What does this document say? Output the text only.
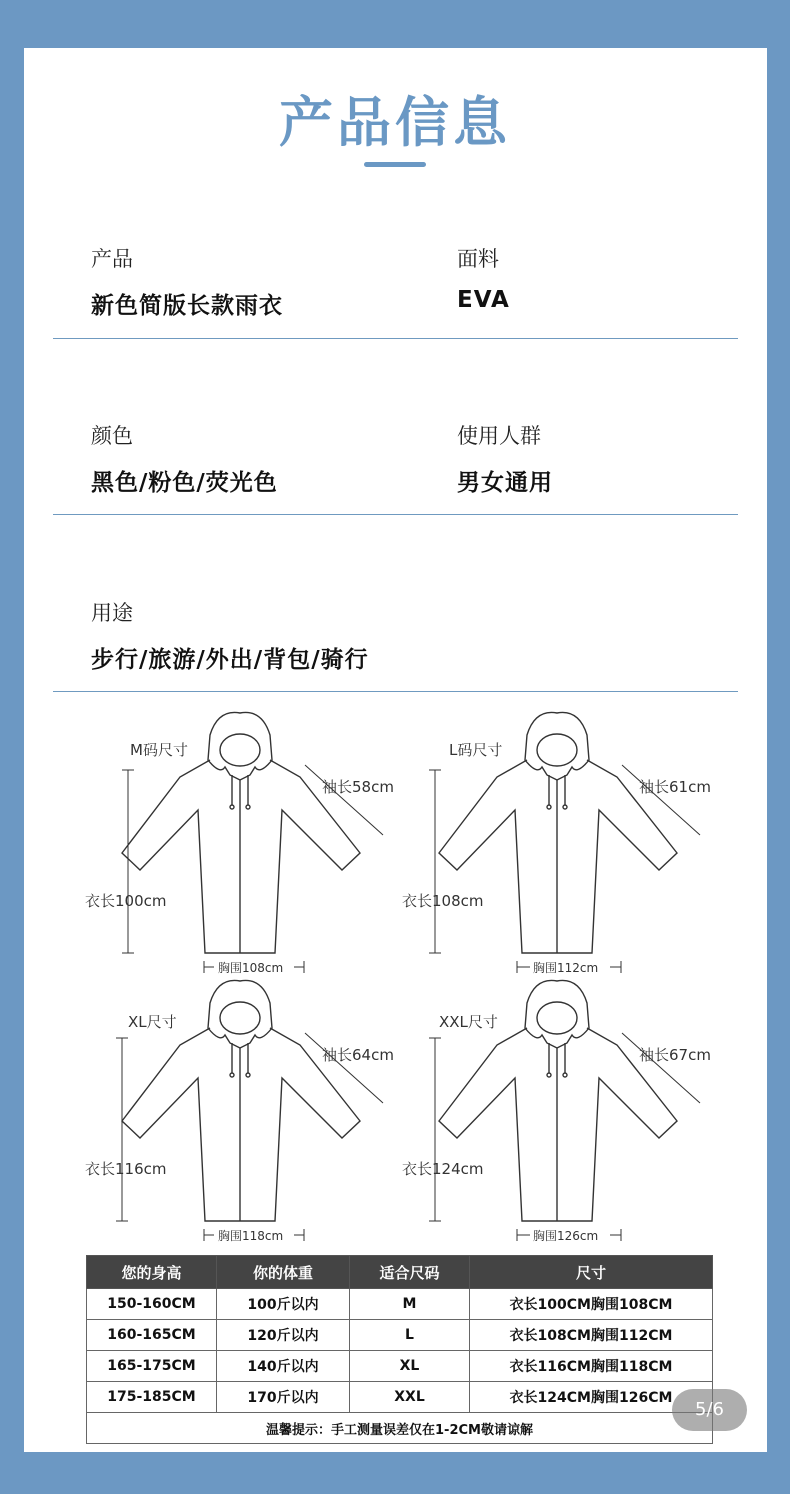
产品信息
产品
新色简版长款雨衣
面料
EVA
颜色
黑色/粉色/荧光色
使用人群
男女通用
用途
步行/旅游/外出/背包/骑行
M码尺寸
袖长58cm
衣长100cm
胸围108cm
L码尺寸
袖长61cm
衣长108cm
胸围112cm
XL尺寸
袖长64cm
衣长116cm
胸围118cm
XXL尺寸
袖长67cm
衣长124cm
胸围126cm
您的身高	你的体重	适合尺码	尺寸
150-160CM	100斤以内	M	衣长100CM胸围108CM
160-165CM	120斤以内	L	衣长108CM胸围112CM
165-175CM	140斤以内	XL	衣长116CM胸围118CM
175-185CM	170斤以内	XXL	衣长124CM胸围126CM
温馨提示：手工测量误差仅在1-2CM敬请谅解			
5/6
